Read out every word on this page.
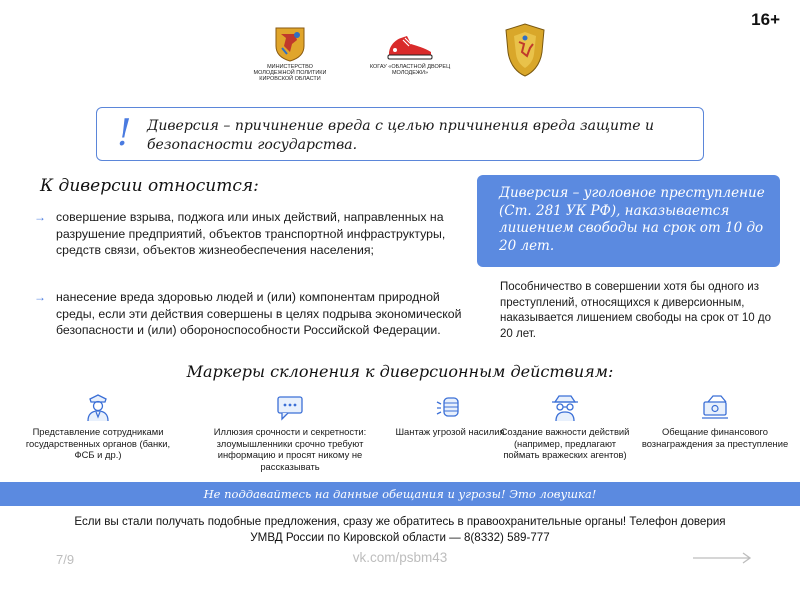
16+
МИНИСТЕРСТВО МОЛОДЕЖНОЙ ПОЛИТИКИ КИРОВСКОЙ ОБЛАСТИ
КОГАУ «ОБЛАСТНОЙ ДВОРЕЦ МОЛОДЕЖИ»
! Диверсия – причинение вреда с целью причинения вреда защите и безопасности государства.
К диверсии относится:
→ совершение взрыва, поджога или иных действий, направленных на разрушение предприятий, объектов транспортной инфраструктуры, средств связи, объектов жизнеобеспечения населения;
→ нанесение вреда здоровью людей и (или) компонентам природной среды, если эти действия совершены в целях подрыва экономической безопасности и (или) обороноспособности Российской Федерации.
Диверсия – уголовное преступление (Ст. 281 УК РФ), наказывается лишением свободы на срок от 10 до 20 лет.
Пособничество в совершении хотя бы одного из преступлений, относящихся к диверсионным, наказывается лишением свободы на срок от 10 до 20 лет.
Маркеры склонения к диверсионным действиям:
Представление сотрудниками государственных органов (банки, ФСБ и др.)
Иллюзия срочности и секретности: злоумышленники срочно требуют информацию и просят никому не рассказывать
Шантаж угрозой насилия
Создание важности действий (например, предлагают поймать вражеских агентов)
Обещание финансового вознаграждения за преступление
Не поддавайтесь на данные обещания и угрозы! Это ловушка!
Если вы стали получать подобные предложения, сразу же обратитесь в правоохранительные органы! Телефон доверия УМВД России по Кировской области — 8(8332) 589-777
7/9	vk.com/psbm43
